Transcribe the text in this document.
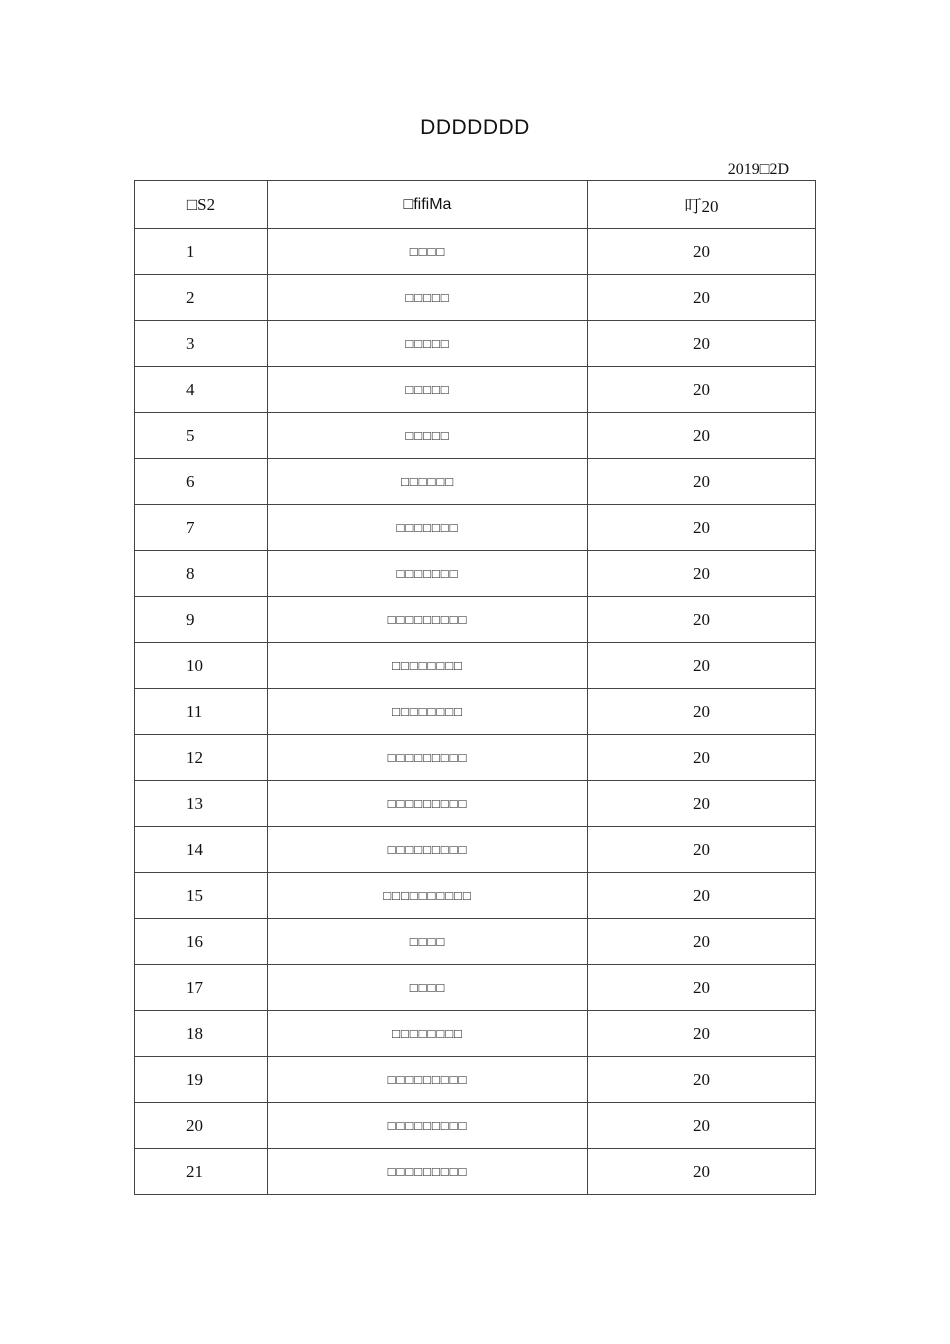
DDDDDDD
2019□2D
□S2	□fifiMa	叮20
1	□□□□	20
2	□□□□□	20
3	□□□□□	20
4	□□□□□	20
5	□□□□□	20
6	□□□□□□	20
7	□□□□□□□	20
8	□□□□□□□	20
9	□□□□□□□□□	20
10	□□□□□□□□	20
11	□□□□□□□□	20
12	□□□□□□□□□	20
13	□□□□□□□□□	20
14	□□□□□□□□□	20
15	□□□□□□□□□□	20
16	□□□□	20
17	□□□□	20
18	□□□□□□□□	20
19	□□□□□□□□□	20
20	□□□□□□□□□	20
21	□□□□□□□□□	20
